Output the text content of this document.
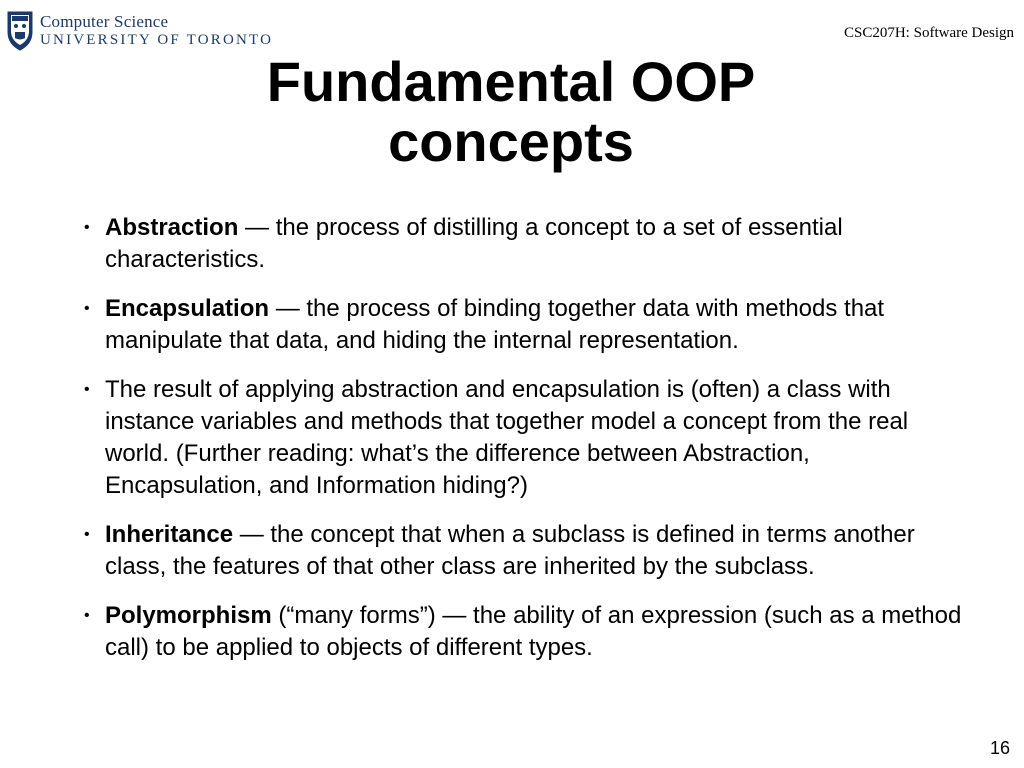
Computer Science
UNIVERSITY OF TORONTO	CSC207H: Software Design
Fundamental OOP
concepts
• Abstraction — the process of distilling a concept to a set of essential characteristics.
• Encapsulation — the process of binding together data with methods that manipulate that data, and hiding the internal representation.
• The result of applying abstraction and encapsulation is (often) a class with instance variables and methods that together model a concept from the real world. (Further reading: what’s the difference between Abstraction, Encapsulation, and Information hiding?)
• Inheritance — the concept that when a subclass is defined in terms another class, the features of that other class are inherited by the subclass.
• Polymorphism (“many forms”) — the ability of an expression (such as a method call) to be applied to objects of different types.
16
